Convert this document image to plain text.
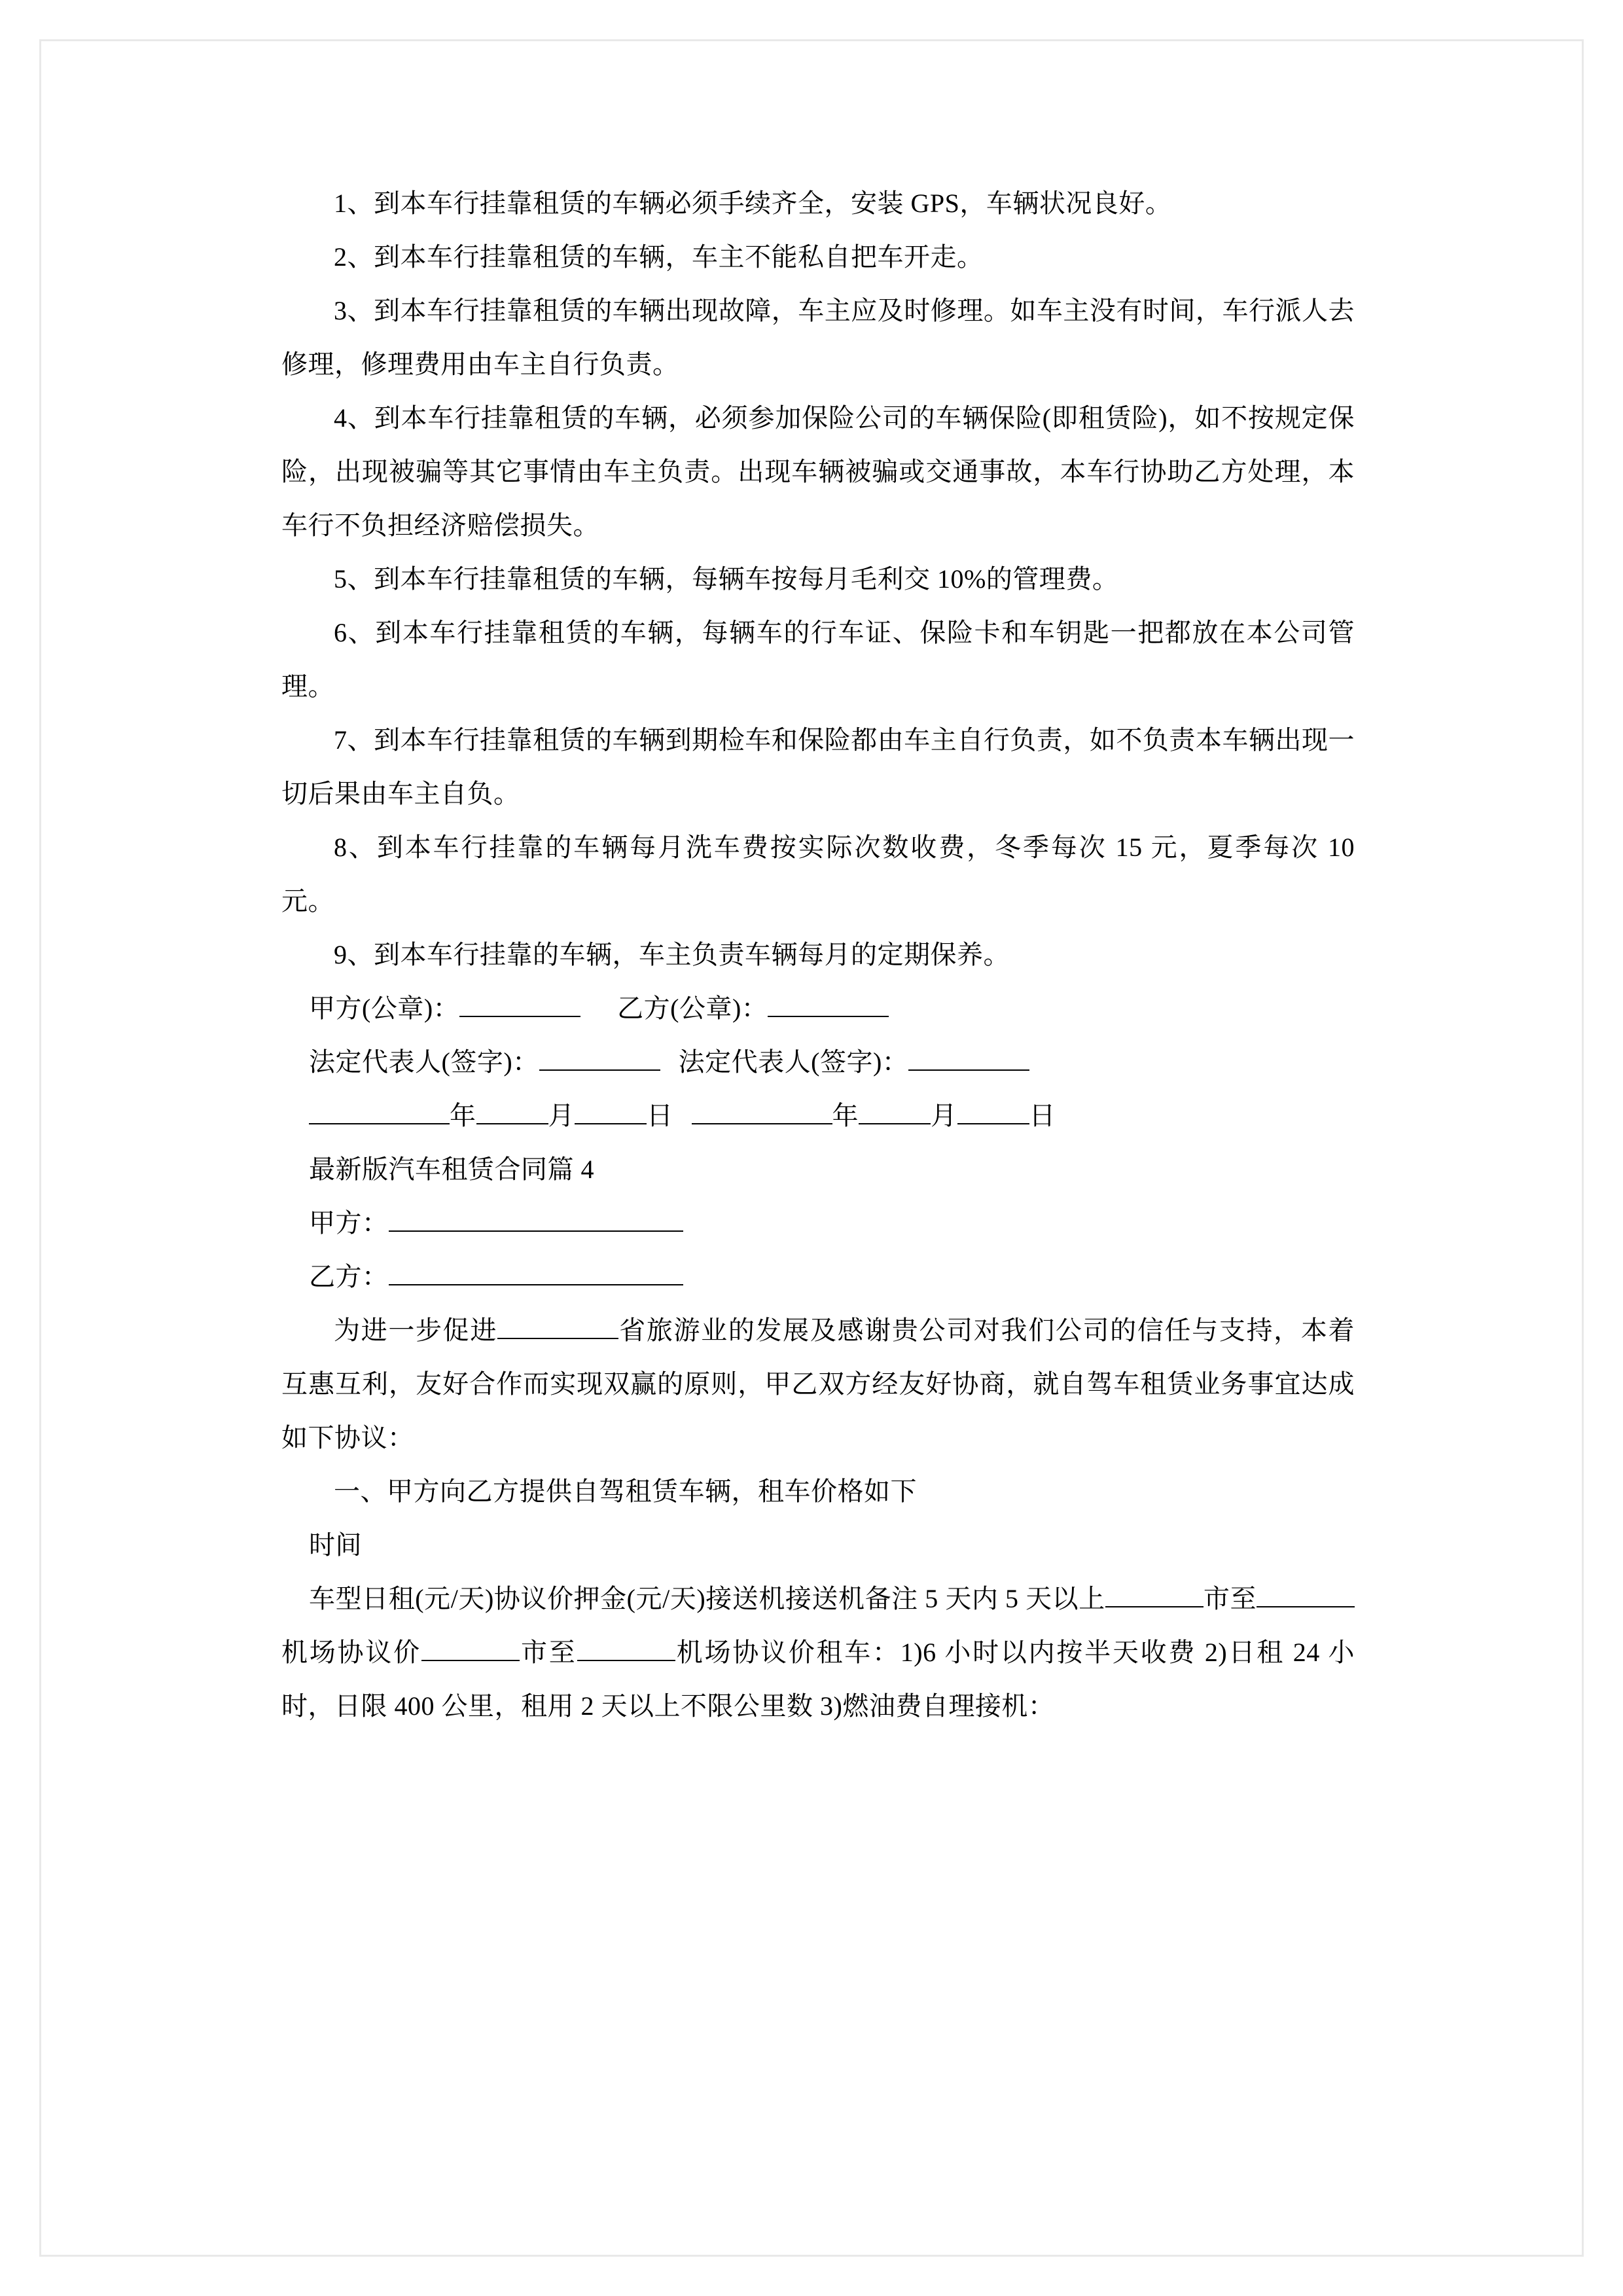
1、到本车行挂靠租赁的车辆必须手续齐全，安装 GPS，车辆状况良好。

2、到本车行挂靠租赁的车辆，车主不能私自把车开走。

3、到本车行挂靠租赁的车辆出现故障，车主应及时修理。如车主没有时间，车行派人去修理，修理费用由车主自行负责。

4、到本车行挂靠租赁的车辆，必须参加保险公司的车辆保险(即租赁险)，如不按规定保险，出现被骗等其它事情由车主负责。出现车辆被骗或交通事故，本车行协助乙方处理，本车行不负担经济赔偿损失。

5、到本车行挂靠租赁的车辆，每辆车按每月毛利交 10%的管理费。

6、到本车行挂靠租赁的车辆，每辆车的行车证、保险卡和车钥匙一把都放在本公司管理。

7、到本车行挂靠租赁的车辆到期检车和保险都由车主自行负责，如不负责本车辆出现一切后果由车主自负。

8、到本车行挂靠的车辆每月洗车费按实际次数收费，冬季每次 15 元，夏季每次 10 元。

9、到本车行挂靠的车辆，车主负责车辆每月的定期保养。

甲方(公章)：	乙方(公章)：

法定代表人(签字)：	法定代表人(签字)：

年	月	日	年	月	日

最新版汽车租赁合同篇 4

甲方：

乙方：

为进一步促进	省旅游业的发展及感谢贵公司对我们公司的信任与支持，本着互惠互利，友好合作而实现双赢的原则，甲乙双方经友好协商，就自驾车租赁业务事宜达成如下协议：

一、甲方向乙方提供自驾租赁车辆，租车价格如下

时间

车型日租(元/天)协议价押金(元/天)接送机接送机备注 5 天内 5 天以上	市至机场协议价	市至	机场协议价租车：1)6 小时以内按半天收费 2)日租 24 小时，日限 400 公里，租用 2 天以上不限公里数 3)燃油费自理接机：
